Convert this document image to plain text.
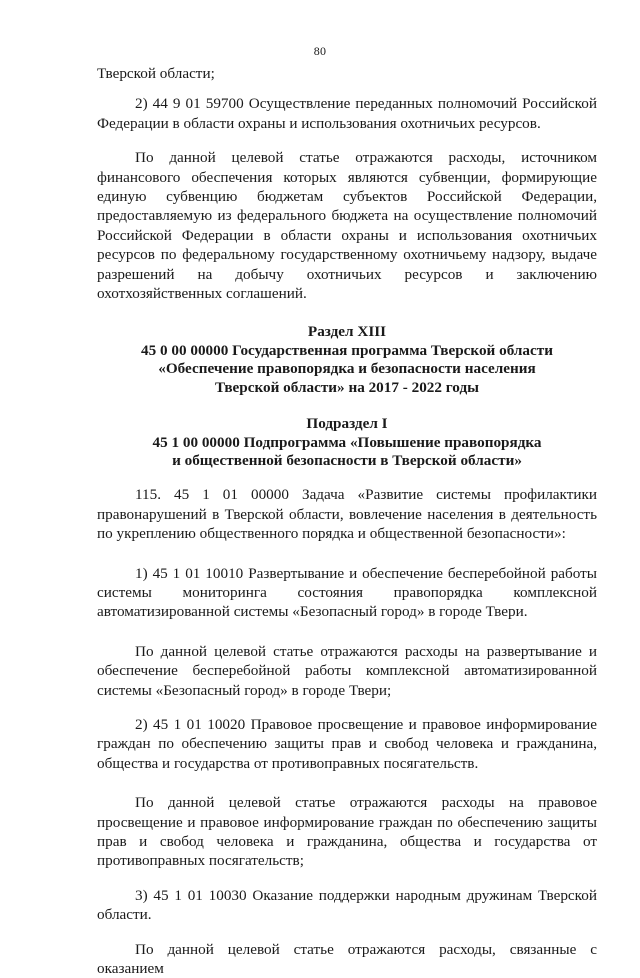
80

Тверской области;

2) 44 9 01 59700 Осуществление переданных полномочий Российской Федерации в области охраны и использования охотничьих ресурсов.

По данной целевой статье отражаются расходы, источником финансового обеспечения которых являются субвенции, формирующие единую субвенцию бюджетам субъектов Российской Федерации, предоставляемую из федерального бюджета на осуществление полномочий Российской Федерации в области охраны и использования охотничьих ресурсов по федеральному государственному охотничьему надзору, выдаче разрешений на добычу охотничьих ресурсов и заключению охотхозяйственных соглашений.

Раздел XIII

45 0 00 00000 Государственная программа Тверской области

«Обеспечение правопорядка и безопасности населения

Тверской области» на 2017 - 2022 годы

Подраздел I

45 1 00 00000 Подпрограмма «Повышение правопорядка

и общественной безопасности в Тверской области»

115. 45 1 01 00000 Задача «Развитие системы профилактики правонарушений в Тверской области, вовлечение населения в деятельность по укреплению общественного порядка и общественной безопасности»:

1) 45 1 01 10010 Развертывание и обеспечение бесперебойной работы системы мониторинга состояния правопорядка комплексной автоматизированной системы «Безопасный город» в городе Твери.

По данной целевой статье отражаются расходы на развертывание и обеспечение бесперебойной работы комплексной автоматизированной системы «Безопасный город» в городе Твери;

2) 45 1 01 10020 Правовое просвещение и правовое информирование граждан по обеспечению защиты прав и свобод человека и гражданина, общества и государства от противоправных посягательств.

По данной целевой статье отражаются расходы на правовое просвещение и правовое информирование граждан по обеспечению защиты прав и свобод человека и гражданина, общества и государства от противоправных посягательств;

3) 45 1 01 10030 Оказание поддержки народным дружинам Тверской области.

По данной целевой статье отражаются расходы, связанные с оказанием
